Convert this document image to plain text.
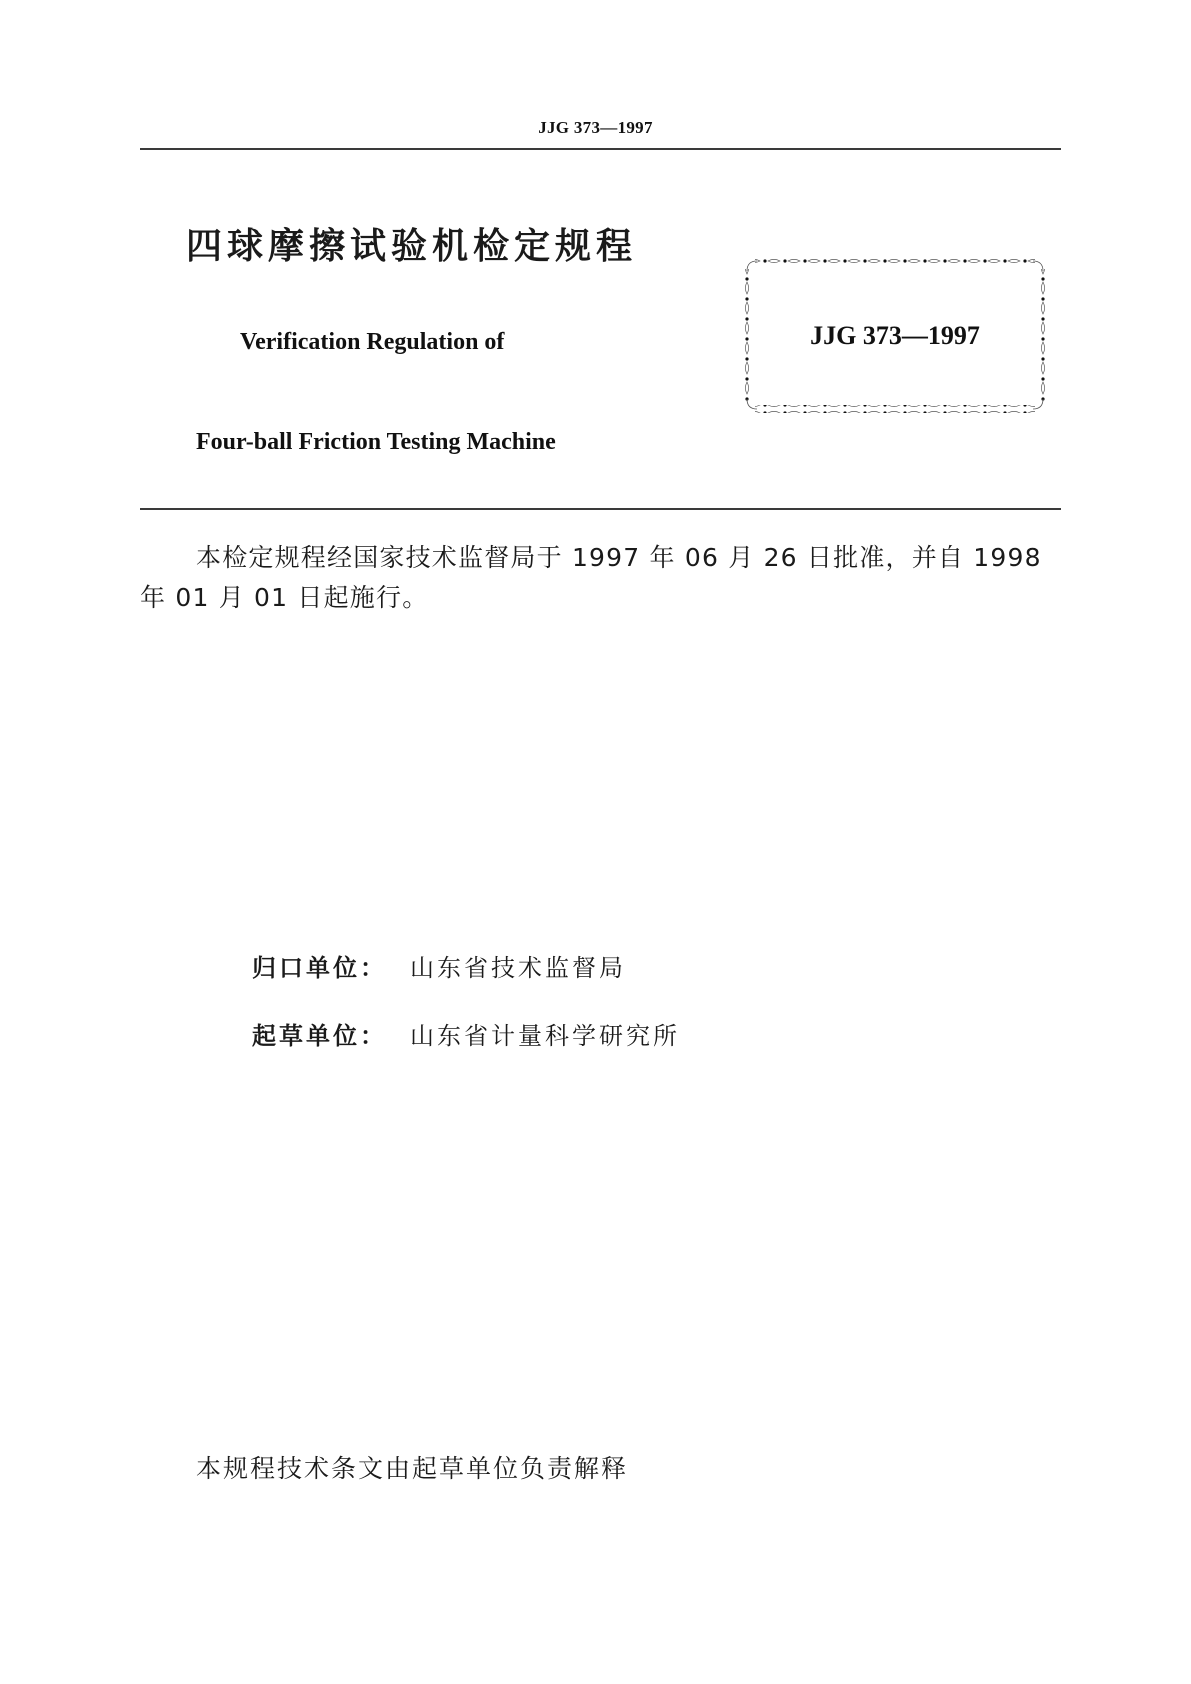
JJG 373—1997
四球摩擦试验机检定规程
Verification Regulation of
Four-ball Friction Testing Machine
JJG 373—1997
本检定规程经国家技术监督局于 1997 年 06 月 26 日批准，并自 1998
年 01 月 01 日起施行。
归口单位： 山东省技术监督局
起草单位： 山东省计量科学研究所
本规程技术条文由起草单位负责解释
